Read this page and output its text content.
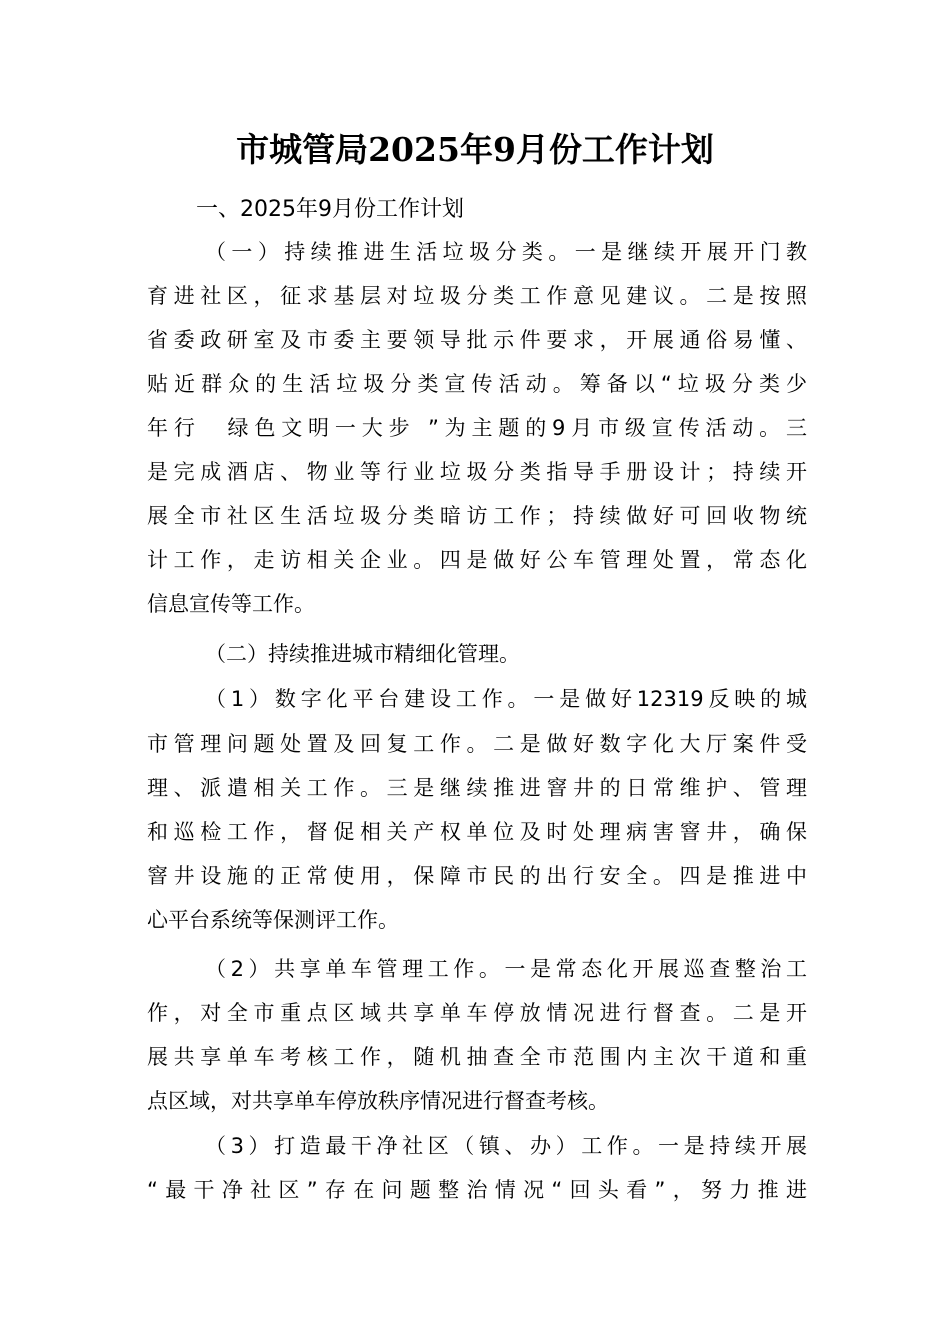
市城管局2025年9月份工作计划
一、2025年9月份工作计划
（一）持续推进生活垃圾分类。一是继续开展开门教
育进社区，征求基层对垃圾分类工作意见建议。二是按照
省委政研室及市委主要领导批示件要求，开展通俗易懂、
贴近群众的生活垃圾分类宣传活动。筹备以“垃圾分类少
年行　绿色文明一大步 ”为主题的9月市级宣传活动。三
是完成酒店、物业等行业垃圾分类指导手册设计；持续开
展全市社区生活垃圾分类暗访工作；持续做好可回收物统
计工作，走访相关企业。四是做好公车管理处置，常态化
信息宣传等工作。
（二）持续推进城市精细化管理。
（1）数字化平台建设工作。一是做好12319反映的城
市管理问题处置及回复工作。二是做好数字化大厅案件受
理、派遣相关工作。三是继续推进窨井的日常维护、管理
和巡检工作，督促相关产权单位及时处理病害窨井，确保
窨井设施的正常使用，保障市民的出行安全。四是推进中
心平台系统等保测评工作。
（2）共享单车管理工作。一是常态化开展巡查整治工
作，对全市重点区域共享单车停放情况进行督查。二是开
展共享单车考核工作，随机抽查全市范围内主次干道和重
点区域，对共享单车停放秩序情况进行督查考核。
（3）打造最干净社区（镇、办）工作。一是持续开展
“最干净社区”存在问题整治情况“回头看”，努力推进
